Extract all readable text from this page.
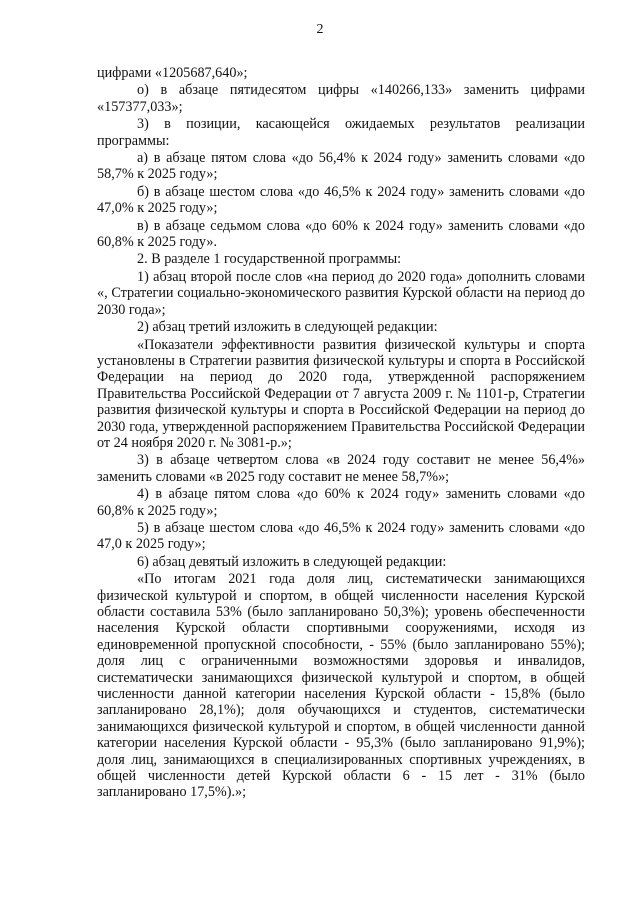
2

цифрами «1205687,640»;

о) в абзаце пятидесятом цифры «140266,133» заменить цифрами «157377,033»;

3) в позиции, касающейся ожидаемых результатов реализации программы:

а) в абзаце пятом слова «до 56,4% к 2024 году» заменить словами «до 58,7% к 2025 году»;

б) в абзаце шестом слова «до 46,5% к 2024 году» заменить словами «до 47,0% к 2025 году»;

в) в абзаце седьмом слова «до 60% к 2024 году» заменить словами «до 60,8% к 2025 году».

2. В разделе 1 государственной программы:

1) абзац второй после слов «на период до 2020 года» дополнить словами «, Стратегии социально-экономического развития Курской области на период до 2030 года»;

2) абзац третий изложить в следующей редакции:

«Показатели эффективности развития физической культуры и спорта установлены в Стратегии развития физической культуры и спорта в Российской Федерации на период до 2020 года, утвержденной распоряжением Правительства Российской Федерации от 7 августа 2009 г. № 1101-р, Стратегии развития физической культуры и спорта в Российской Федерации на период до 2030 года, утвержденной распоряжением Правительства Российской Федерации от 24 ноября 2020 г. № 3081-р.»;

3) в абзаце четвертом слова «в 2024 году составит не менее 56,4%» заменить словами «в 2025 году составит не менее 58,7%»;

4) в абзаце пятом слова «до 60% к 2024 году» заменить словами «до 60,8% к 2025 году»;

5) в абзаце шестом слова «до 46,5% к 2024 году» заменить словами «до 47,0 к 2025 году»;

6) абзац девятый изложить в следующей редакции:

«По итогам 2021 года доля лиц, систематически занимающихся физической культурой и спортом, в общей численности населения Курской области составила 53% (было запланировано 50,3%); уровень обеспеченности населения Курской области спортивными сооружениями, исходя из единовременной пропускной способности, - 55% (было запланировано 55%); доля лиц с ограниченными возможностями здоровья и инвалидов, систематически занимающихся физической культурой и спортом, в общей численности данной категории населения Курской области - 15,8% (было запланировано 28,1%); доля обучающихся и студентов, систематически занимающихся физической культурой и спортом, в общей численности данной категории населения Курской области - 95,3% (было запланировано 91,9%); доля лиц, занимающихся в специализированных спортивных учреждениях, в общей численности детей Курской области 6 - 15 лет - 31% (было запланировано 17,5%).»;
